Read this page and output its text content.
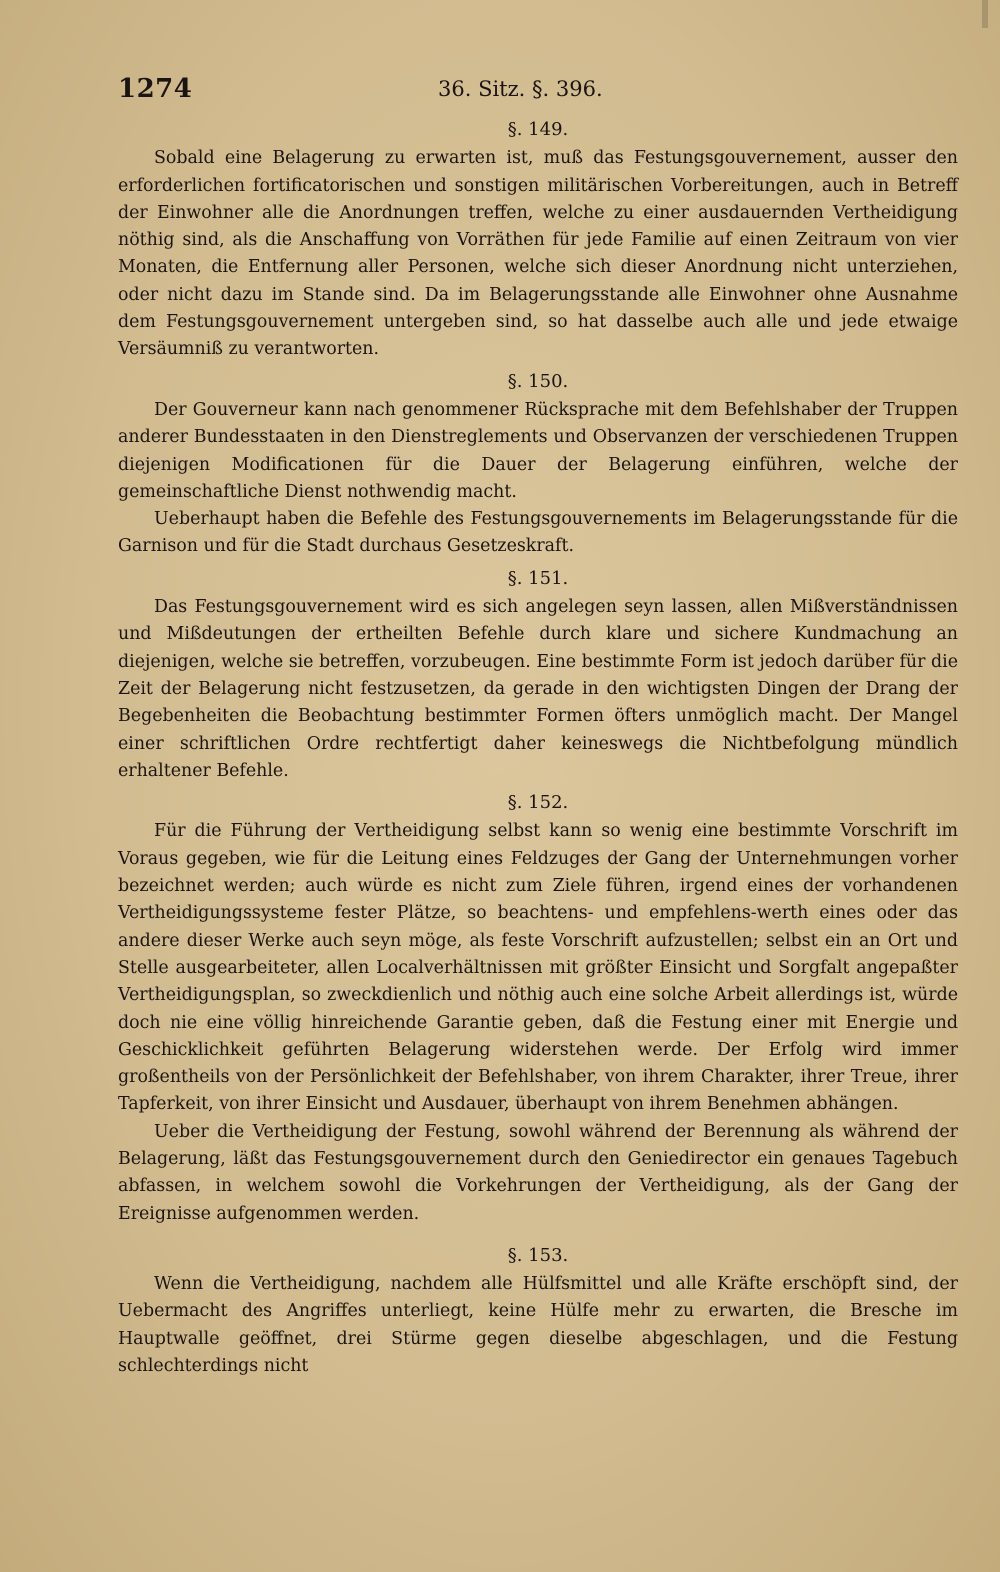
1274	36. Sitz. §. 396.
§. 149.

Sobald eine Belagerung zu erwarten ist, muß das Festungsgouvernement, ausser den erforderlichen fortificatorischen und sonstigen militärischen Vorbereitungen, auch in Betreff der Einwohner alle die Anordnungen treffen, welche zu einer ausdauernden Vertheidigung nöthig sind, als die Anschaffung von Vorräthen für jede Familie auf einen Zeitraum von vier Monaten, die Entfernung aller Personen, welche sich dieser Anordnung nicht unterziehen, oder nicht dazu im Stande sind. Da im Belagerungsstande alle Einwohner ohne Ausnahme dem Festungsgouvernement untergeben sind, so hat dasselbe auch alle und jede etwaige Versäumniß zu verantworten.

§. 150.

Der Gouverneur kann nach genommener Rücksprache mit dem Befehlshaber der Truppen anderer Bundesstaaten in den Dienstreglements und Observanzen der verschiedenen Truppen diejenigen Modificationen für die Dauer der Belagerung einführen, welche der gemeinschaftliche Dienst nothwendig macht.

Ueberhaupt haben die Befehle des Festungsgouvernements im Belagerungsstande für die Garnison und für die Stadt durchaus Gesetzeskraft.

§. 151.

Das Festungsgouvernement wird es sich angelegen seyn lassen, allen Mißverständnissen und Mißdeutungen der ertheilten Befehle durch klare und sichere Kundmachung an diejenigen, welche sie betreffen, vorzubeugen. Eine bestimmte Form ist jedoch darüber für die Zeit der Belagerung nicht festzusetzen, da gerade in den wichtigsten Dingen der Drang der Begebenheiten die Beobachtung bestimmter Formen öfters unmöglich macht. Der Mangel einer schriftlichen Ordre rechtfertigt daher keineswegs die Nichtbefolgung mündlich erhaltener Befehle.

§. 152.

Für die Führung der Vertheidigung selbst kann so wenig eine bestimmte Vorschrift im Voraus gegeben, wie für die Leitung eines Feldzuges der Gang der Unternehmungen vorher bezeichnet werden; auch würde es nicht zum Ziele führen, irgend eines der vorhandenen Vertheidigungssysteme fester Plätze, so beachtens- und empfehlens-werth eines oder das andere dieser Werke auch seyn möge, als feste Vorschrift aufzustellen; selbst ein an Ort und Stelle ausgearbeiteter, allen Localverhältnissen mit größter Einsicht und Sorgfalt angepaßter Vertheidigungsplan, so zweckdienlich und nöthig auch eine solche Arbeit allerdings ist, würde doch nie eine völlig hinreichende Garantie geben, daß die Festung einer mit Energie und Geschicklichkeit geführten Belagerung widerstehen werde. Der Erfolg wird immer großentheils von der Persönlichkeit der Befehlshaber, von ihrem Charakter, ihrer Treue, ihrer Tapferkeit, von ihrer Einsicht und Ausdauer, überhaupt von ihrem Benehmen abhängen.

Ueber die Vertheidigung der Festung, sowohl während der Berennung als während der Belagerung, läßt das Festungsgouvernement durch den Geniedirector ein genaues Tagebuch abfassen, in welchem sowohl die Vorkehrungen der Vertheidigung, als der Gang der Ereignisse aufgenommen werden.

§. 153.

Wenn die Vertheidigung, nachdem alle Hülfsmittel und alle Kräfte erschöpft sind, der Uebermacht des Angriffes unterliegt, keine Hülfe mehr zu erwarten, die Bresche im Hauptwalle geöffnet, drei Stürme gegen dieselbe abgeschlagen, und die Festung schlechterdings nicht
